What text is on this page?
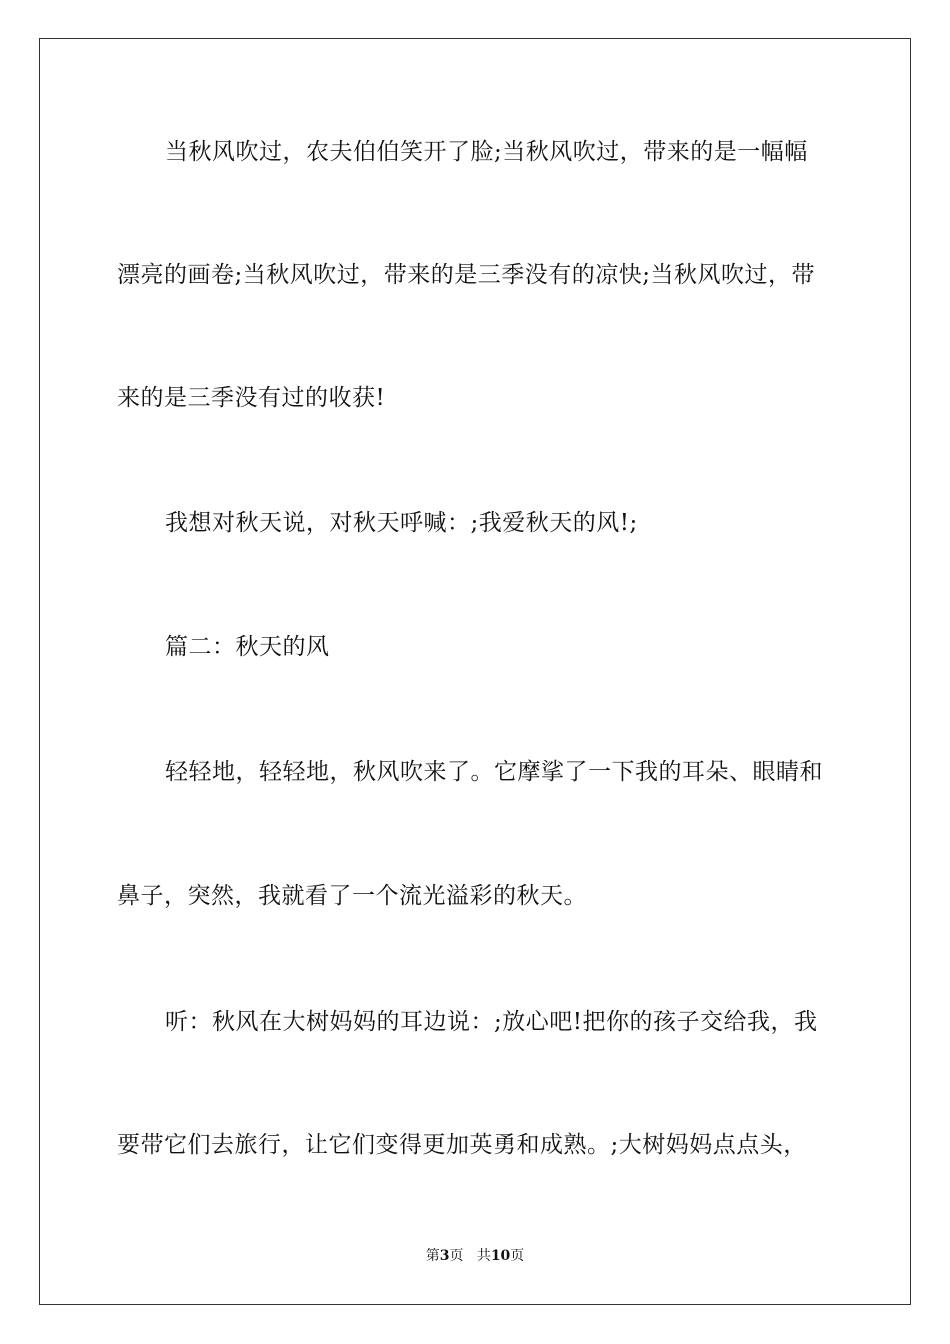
当秋风吹过，农夫伯伯笑开了脸;当秋风吹过，带来的是一幅幅
漂亮的画卷;当秋风吹过，带来的是三季没有的凉快;当秋风吹过，带
来的是三季没有过的收获!
我想对秋天说，对秋天呼喊：;我爱秋天的风!;
篇二：秋天的风
轻轻地，轻轻地，秋风吹来了。它摩挲了一下我的耳朵、眼睛和
鼻子，突然，我就看了一个流光溢彩的秋天。
听：秋风在大树妈妈的耳边说：;放心吧!把你的孩子交给我，我
要带它们去旅行，让它们变得更加英勇和成熟。;大树妈妈点点头，
第3页 共10页
